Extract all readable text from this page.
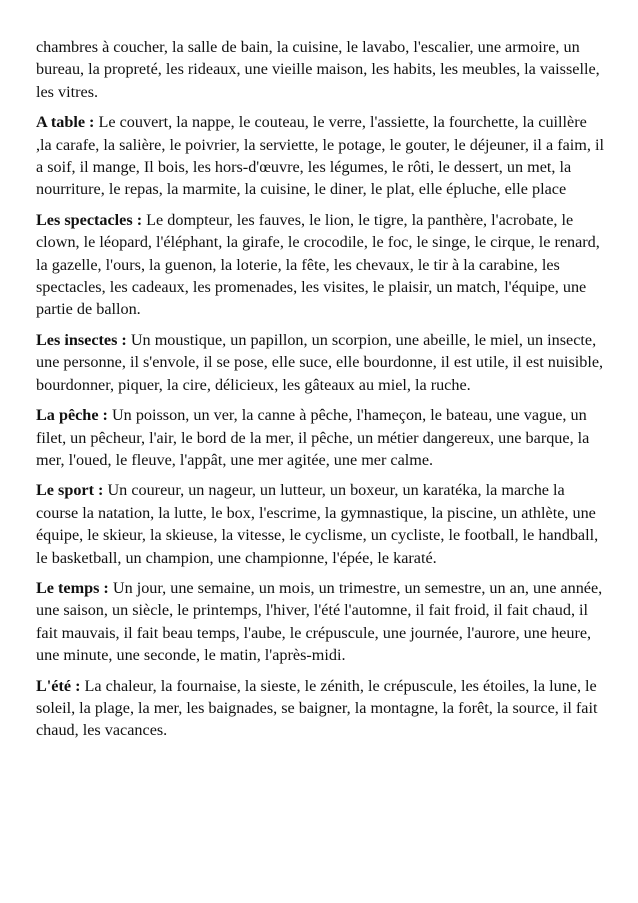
chambres à coucher, la salle de bain, la cuisine, le lavabo, l'escalier, une armoire, un bureau, la propreté, les rideaux, une vieille maison, les habits, les meubles, la vaisselle, les vitres.

A table : Le couvert, la nappe, le couteau, le verre, l'assiette, la fourchette, la cuillère ,la carafe, la salière, le poivrier, la serviette, le potage, le gouter, le déjeuner, il a faim, il a soif, il mange, Il bois, les hors-d'œuvre, les légumes, le rôti, le dessert, un met, la nourriture, le repas, la marmite, la cuisine, le diner, le plat, elle épluche, elle place

Les spectacles : Le dompteur, les fauves, le lion, le tigre, la panthère, l'acrobate, le clown, le léopard, l'éléphant, la girafe, le crocodile, le foc, le singe, le cirque, le renard, la gazelle, l'ours, la guenon, la loterie, la fête, les chevaux, le tir à la carabine, les spectacles, les cadeaux, les promenades, les visites, le plaisir, un match, l'équipe, une partie de ballon.

Les insectes : Un moustique, un papillon, un scorpion, une abeille, le miel, un insecte, une personne, il s'envole, il se pose, elle suce, elle bourdonne, il est utile, il est nuisible, bourdonner, piquer, la cire, délicieux, les gâteaux au miel, la ruche.

La pêche : Un poisson, un ver, la canne à pêche, l'hameçon, le bateau, une vague, un filet, un pêcheur, l'air, le bord de la mer, il pêche, un métier dangereux, une barque, la mer, l'oued, le fleuve, l'appât, une mer agitée, une mer calme.

Le sport : Un coureur, un nageur, un lutteur, un boxeur, un karatéka, la marche la course la natation, la lutte, le box, l'escrime, la gymnastique, la piscine, un athlète, une équipe, le skieur, la skieuse, la vitesse, le cyclisme, un cycliste, le football, le handball, le basketball, un champion, une championne, l'épée, le karaté.

Le temps : Un jour, une semaine, un mois, un trimestre, un semestre, un an, une année, une saison, un siècle, le printemps, l'hiver, l'été l'automne, il fait froid, il fait chaud, il fait mauvais, il fait beau temps, l'aube, le crépuscule, une journée, l'aurore, une heure, une minute, une seconde, le matin, l'après-midi.

L'été : La chaleur, la fournaise, la sieste, le zénith, le crépuscule, les étoiles, la lune, le soleil, la plage, la mer, les baignades, se baigner, la montagne, la forêt, la source, il fait chaud, les vacances.
